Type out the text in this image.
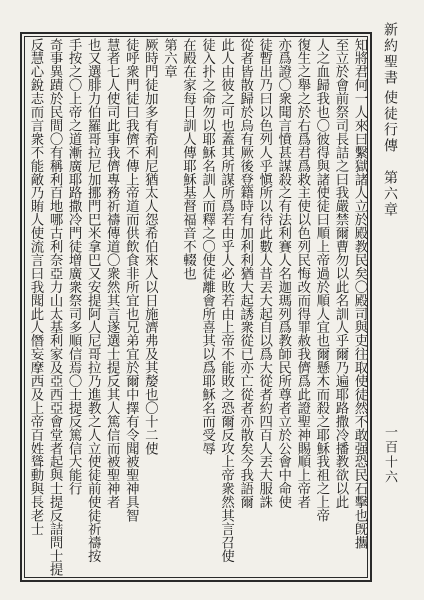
新約聖書
使徒行傳
第六章
一百十六
知將君何一人來曰繫獄諸人立於殿教民矣〇殿司與吏往取使徒然不敢强恐民石擊也旣攜
至立於會前祭司長詰之曰我嚴禁爾曹勿以此名訓人乎爾乃遍耶路撒冷播教欲以此
人之血歸我也〇彼得與諸使徒曰順上帝過於順人宜也爾懸木而殺之耶穌我祖之上帝
復生之舉之於右爲君爲救主使以色列民悔改而得罪赦我儕爲此證聖神賜順上帝者
亦爲證〇衆聞言憤甚謀殺之有法利賽人名迦瑪列爲教師民所尊者立於公會中命使
徒暫出乃曰以色列人乎愼所以待此數人昔丟大起自以爲大從者約四百人丟大服誅
從者皆散歸於烏有厥後登籍時有加利利猶大起誘衆從已亦亡從者亦散矣今我語爾
此人由彼之可也蓋其所謀所爲若由乎人必敗若由上帝不能敗之恐爾反攻上帝衆然其言召使
徒入扑之命勿以耶穌名訓人而釋之〇使徒離會所喜其以爲耶穌名而受辱
在殿在家每日訓人傳耶穌基督福音不輟也
第六章
厥時門徒加多有希利尼猶太人怨希伯來人以日施濟弗及其嫠也〇十二使
徒呼衆門徒曰我儕不傳上帝道而供飲食非所宜也兄弟宜於爾中擇有令聞被聖神具智
慧者七人使司此事我儕專務祈禱傳道〇衆然其言遂選士提反其人篤信而被聖神者
也又選腓力伯羅哥拉尼加挪門巴米拿巴又安提阿人尼哥拉乃進教之人立使徒前使徒祈禱按
手按之〇上帝之道漸廣耶路撒冷門徒增廣衆祭司多順信焉〇士提反篤信大能行
奇事異蹟於民間〇有稱利百地哪古利奈亞力山太基利家及亞西亞會堂者起與士提反詰問士提
反慧心銳志而言衆不能敵乃賄人使流言曰我聞此人僭妄摩西及上帝百姓聳動與長老士
